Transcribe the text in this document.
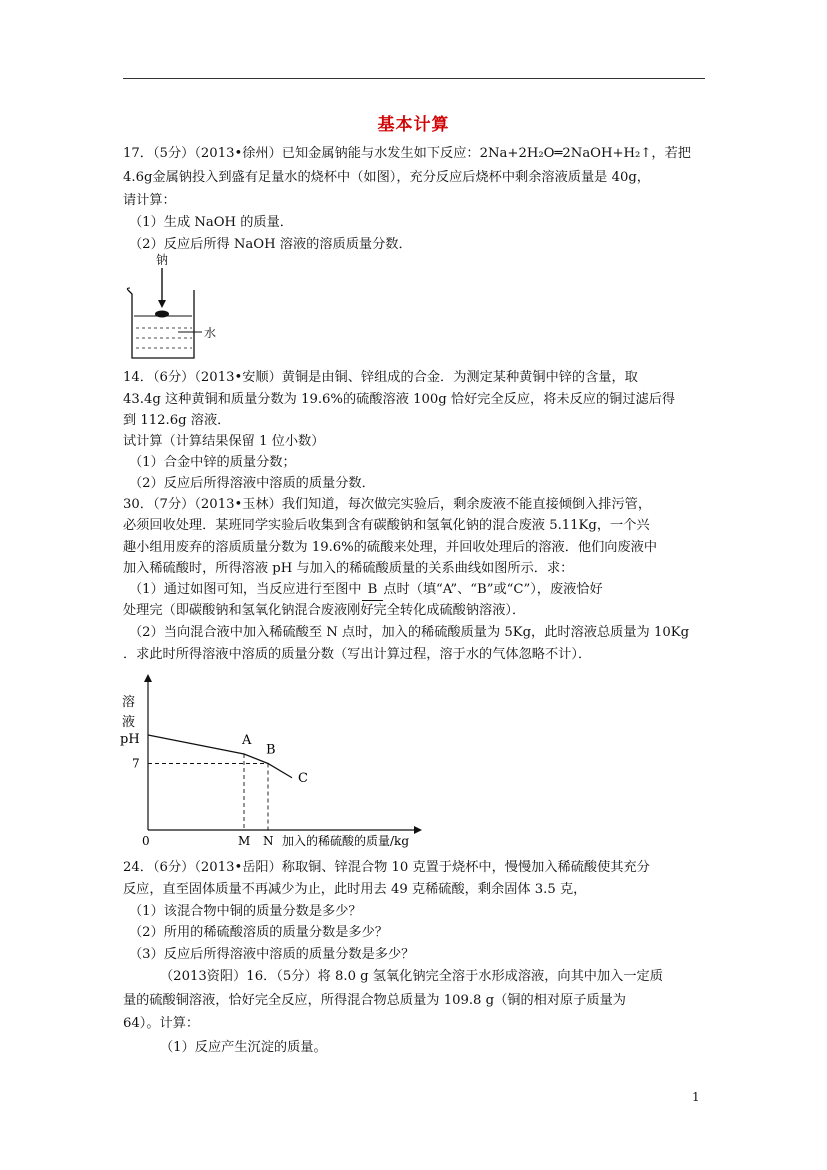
基本计算
17．（5分）（2013•徐州）已知金属钠能与水发生如下反应：2Na+2H₂O═2NaOH+H₂↑，若把
4.6g金属钠投入到盛有足量水的烧杯中（如图），充分反应后烧杯中剩余溶液质量是 40g，
请计算：
（1）生成 NaOH 的质量．
（2）反应后所得 NaOH 溶液的溶质质量分数．
钠
水
14．（6分）（2013•安顺）黄铜是由铜、锌组成的合金．为测定某种黄铜中锌的含量，取
43.4g 这种黄铜和质量分数为 19.6%的硫酸溶液 100g 恰好完全反应，将未反应的铜过滤后得
到 112.6g 溶液．
试计算（计算结果保留 1 位小数）
（1）合金中锌的质量分数；
（2）反应后所得溶液中溶质的质量分数．
30．（7分）（2013•玉林）我们知道，每次做完实验后，剩余废液不能直接倾倒入排污管，
必须回收处理．某班同学实验后收集到含有碳酸钠和氢氧化钠的混合废液 5.11Kg，一个兴
趣小组用废弃的溶质质量分数为 19.6%的硫酸来处理，并回收处理后的溶液．他们向废液中
加入稀硫酸时，所得溶液 pH 与加入的稀硫酸质量的关系曲线如图所示．求：
（1）通过如图可知，当反应进行至图中 B 点时（填“A”、“B”或“C”），废液恰好
处理完（即碳酸钠和氢氧化钠混合废液刚好完全转化成硫酸钠溶液）．
（2）当向混合液中加入稀硫酸至 N 点时，加入的稀硫酸质量为 5Kg，此时溶液总质量为 10Kg
．求此时所得溶液中溶质的质量分数（写出计算过程，溶于水的气体忽略不计）．
溶
液
pH
0
7
M N 加入的稀硫酸的质量/kg
A
B
C
24．（6分）（2013•岳阳）称取铜、锌混合物 10 克置于烧杯中，慢慢加入稀硫酸使其充分
反应，直至固体质量不再减少为止，此时用去 49 克稀硫酸，剩余固体 3.5 克，
（1）该混合物中铜的质量分数是多少？
（2）所用的稀硫酸溶质的质量分数是多少？
（3）反应后所得溶液中溶质的质量分数是多少？
（2013资阳）16．（5分）将 8.0 g 氢氧化钠完全溶于水形成溶液，向其中加入一定质
量的硫酸铜溶液，恰好完全反应，所得混合物总质量为 109.8 g（铜的相对原子质量为
64）。计算：
（1）反应产生沉淀的质量。
1
